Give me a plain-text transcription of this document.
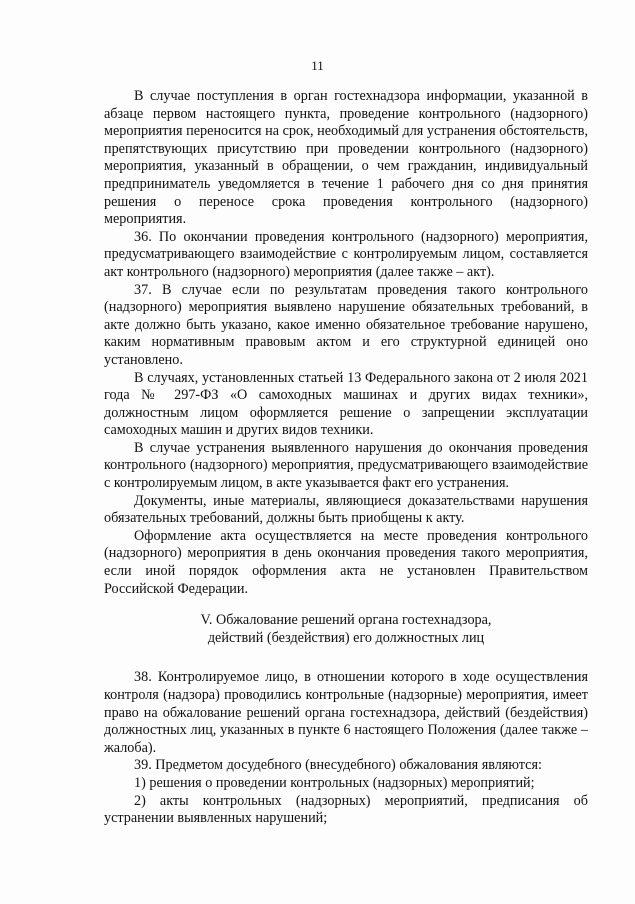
11

В случае поступления в орган гостехнадзора информации, указанной в абзаце первом настоящего пункта, проведение контрольного (надзорного) мероприятия переносится на срок, необходимый для устранения обстоятельств, препятствующих присутствию при проведении контрольного (надзорного) мероприятия, указанный в обращении, о чем гражданин, индивидуальный предприниматель уведомляется в течение 1 рабочего дня со дня принятия решения о переносе срока проведения контрольного (надзорного) мероприятия.

36. По окончании проведения контрольного (надзорного) мероприятия, предусматривающего взаимодействие с контролируемым лицом, составляется акт контрольного (надзорного) мероприятия (далее также – акт).

37. В случае если по результатам проведения такого контрольного (надзорного) мероприятия выявлено нарушение обязательных требований, в акте должно быть указано, какое именно обязательное требование нарушено, каким нормативным правовым актом и его структурной единицей оно установлено.

В случаях, установленных статьей 13 Федерального закона от 2 июля 2021 года № 297-ФЗ «О самоходных машинах и других видах техники», должностным лицом оформляется решение о запрещении эксплуатации самоходных машин и других видов техники.

В случае устранения выявленного нарушения до окончания проведения контрольного (надзорного) мероприятия, предусматривающего взаимодействие с контролируемым лицом, в акте указывается факт его устранения.

Документы, иные материалы, являющиеся доказательствами нарушения обязательных требований, должны быть приобщены к акту.

Оформление акта осуществляется на месте проведения контрольного (надзорного) мероприятия в день окончания проведения такого мероприятия, если иной порядок оформления акта не установлен Правительством Российской Федерации.

V. Обжалование решений органа гостехнадзора,
действий (бездействия) его должностных лиц

38. Контролируемое лицо, в отношении которого в ходе осуществления контроля (надзора) проводились контрольные (надзорные) мероприятия, имеет право на обжалование решений органа гостехнадзора, действий (бездействия) должностных лиц, указанных в пункте 6 настоящего Положения (далее также – жалоба).

39. Предметом досудебного (внесудебного) обжалования являются:

1) решения о проведении контрольных (надзорных) мероприятий;

2) акты контрольных (надзорных) мероприятий, предписания об устранении выявленных нарушений;
